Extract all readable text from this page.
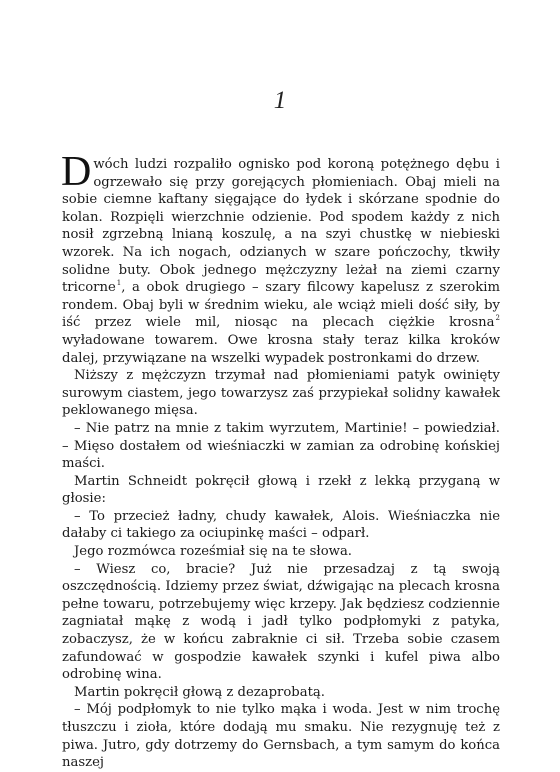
1

Dwóch ludzi rozpaliło ognisko pod koroną potężnego dębu i ogrzewało się przy gorejących płomieniach. Obaj mieli na sobie ciemne kaftany sięgające do łydek i skórzane spodnie do kolan. Rozpięli wierzchnie odzienie. Pod spodem każdy z nich nosił zgrzebną lnianą koszulę, a na szyi chustkę w niebieski wzorek. Na ich nogach, odzianych w szare pończochy, tkwiły solidne buty. Obok jednego mężczyzny leżał na ziemi czarny tricorne$^1$, a obok drugiego – szary filcowy kapelusz z szerokim rondem. Obaj byli w średnim wieku, ale wciąż mieli dość siły, by iść przez wiele mil, niosąc na plecach ciężkie krosna$^2$ wyładowane towarem. Owe krosna stały teraz kilka kroków dalej, przywiązane na wszelki wypadek postronkami do drzew.

Niższy z mężczyzn trzymał nad płomieniami patyk owinięty surowym ciastem, jego towarzysz zaś przypiekał solidny kawałek peklowanego mięsa.

– Nie patrz na mnie z takim wyrzutem, Martinie! – powiedział. – Mięso dostałem od wieśniaczki w zamian za odrobinę końskiej maści.

Martin Schneidt pokręcił głową i rzekł z lekką przyganą w głosie:

– To przecież ładny, chudy kawałek, Alois. Wieśniaczka nie dałaby ci takiego za ociupinkę maści – odparł.

Jego rozmówca roześmiał się na te słowa.

– Wiesz co, bracie? Już nie przesadzaj z tą swoją oszczędnością. Idziemy przez świat, dźwigając na plecach krosna pełne towaru, potrzebujemy więc krzepy. Jak będziesz codziennie zagniatał mąkę z wodą i jadł tylko podpłomyki z patyka, zobaczysz, że w końcu zabraknie ci sił. Trzeba sobie czasem zafundować w gospodzie kawałek szynki i kufel piwa albo odrobinę wina.

Martin pokręcił głową z dezaprobatą.

– Mój podpłomyk to nie tylko mąka i woda. Jest w nim trochę tłuszczu i zioła, które dodają mu smaku. Nie rezygnuję też z piwa. Jutro, gdy dotrzemy do Gernsbach, a tym samym do końca naszej
